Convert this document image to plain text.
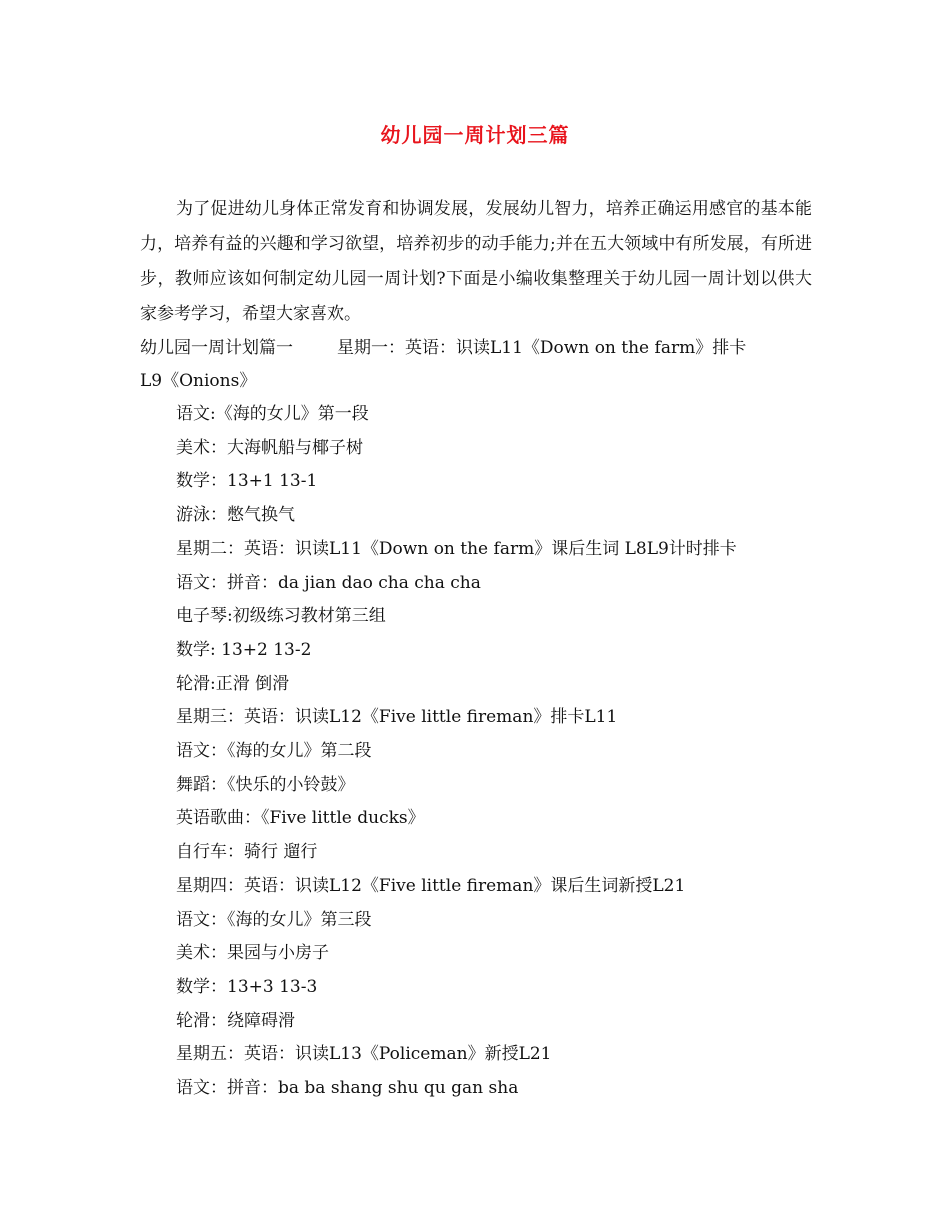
幼儿园一周计划三篇

为了促进幼儿身体正常发育和协调发展，发展幼儿智力，培养正确运用感官的基本能力，培养有益的兴趣和学习欲望，培养初步的动手能力;并在五大领域中有所发展，有所进步，教师应该如何制定幼儿园一周计划?下面是小编收集整理关于幼儿园一周计划以供大家参考学习，希望大家喜欢。

幼儿园一周计划篇一	星期一：英语：识读L11《Down on the farm》排卡

L9《Onions》

语文:《海的女儿》第一段

美术：大海帆船与椰子树

数学：13+1 13-1

游泳：憋气换气

星期二：英语：识读L11《Down on the farm》课后生词 L8L9计时排卡

语文：拼音：da jian dao cha cha cha

电子琴:初级练习教材第三组

数学: 13+2 13-2

轮滑:正滑 倒滑

星期三：英语：识读L12《Five little fireman》排卡L11

语文：《海的女儿》第二段

舞蹈：《快乐的小铃鼓》

英语歌曲：《Five little ducks》

自行车：骑行 遛行

星期四：英语：识读L12《Five little fireman》课后生词新授L21

语文：《海的女儿》第三段

美术：果园与小房子

数学：13+3 13-3

轮滑：绕障碍滑

星期五：英语：识读L13《Policeman》新授L21

语文：拼音：ba ba shang shu qu gan sha
